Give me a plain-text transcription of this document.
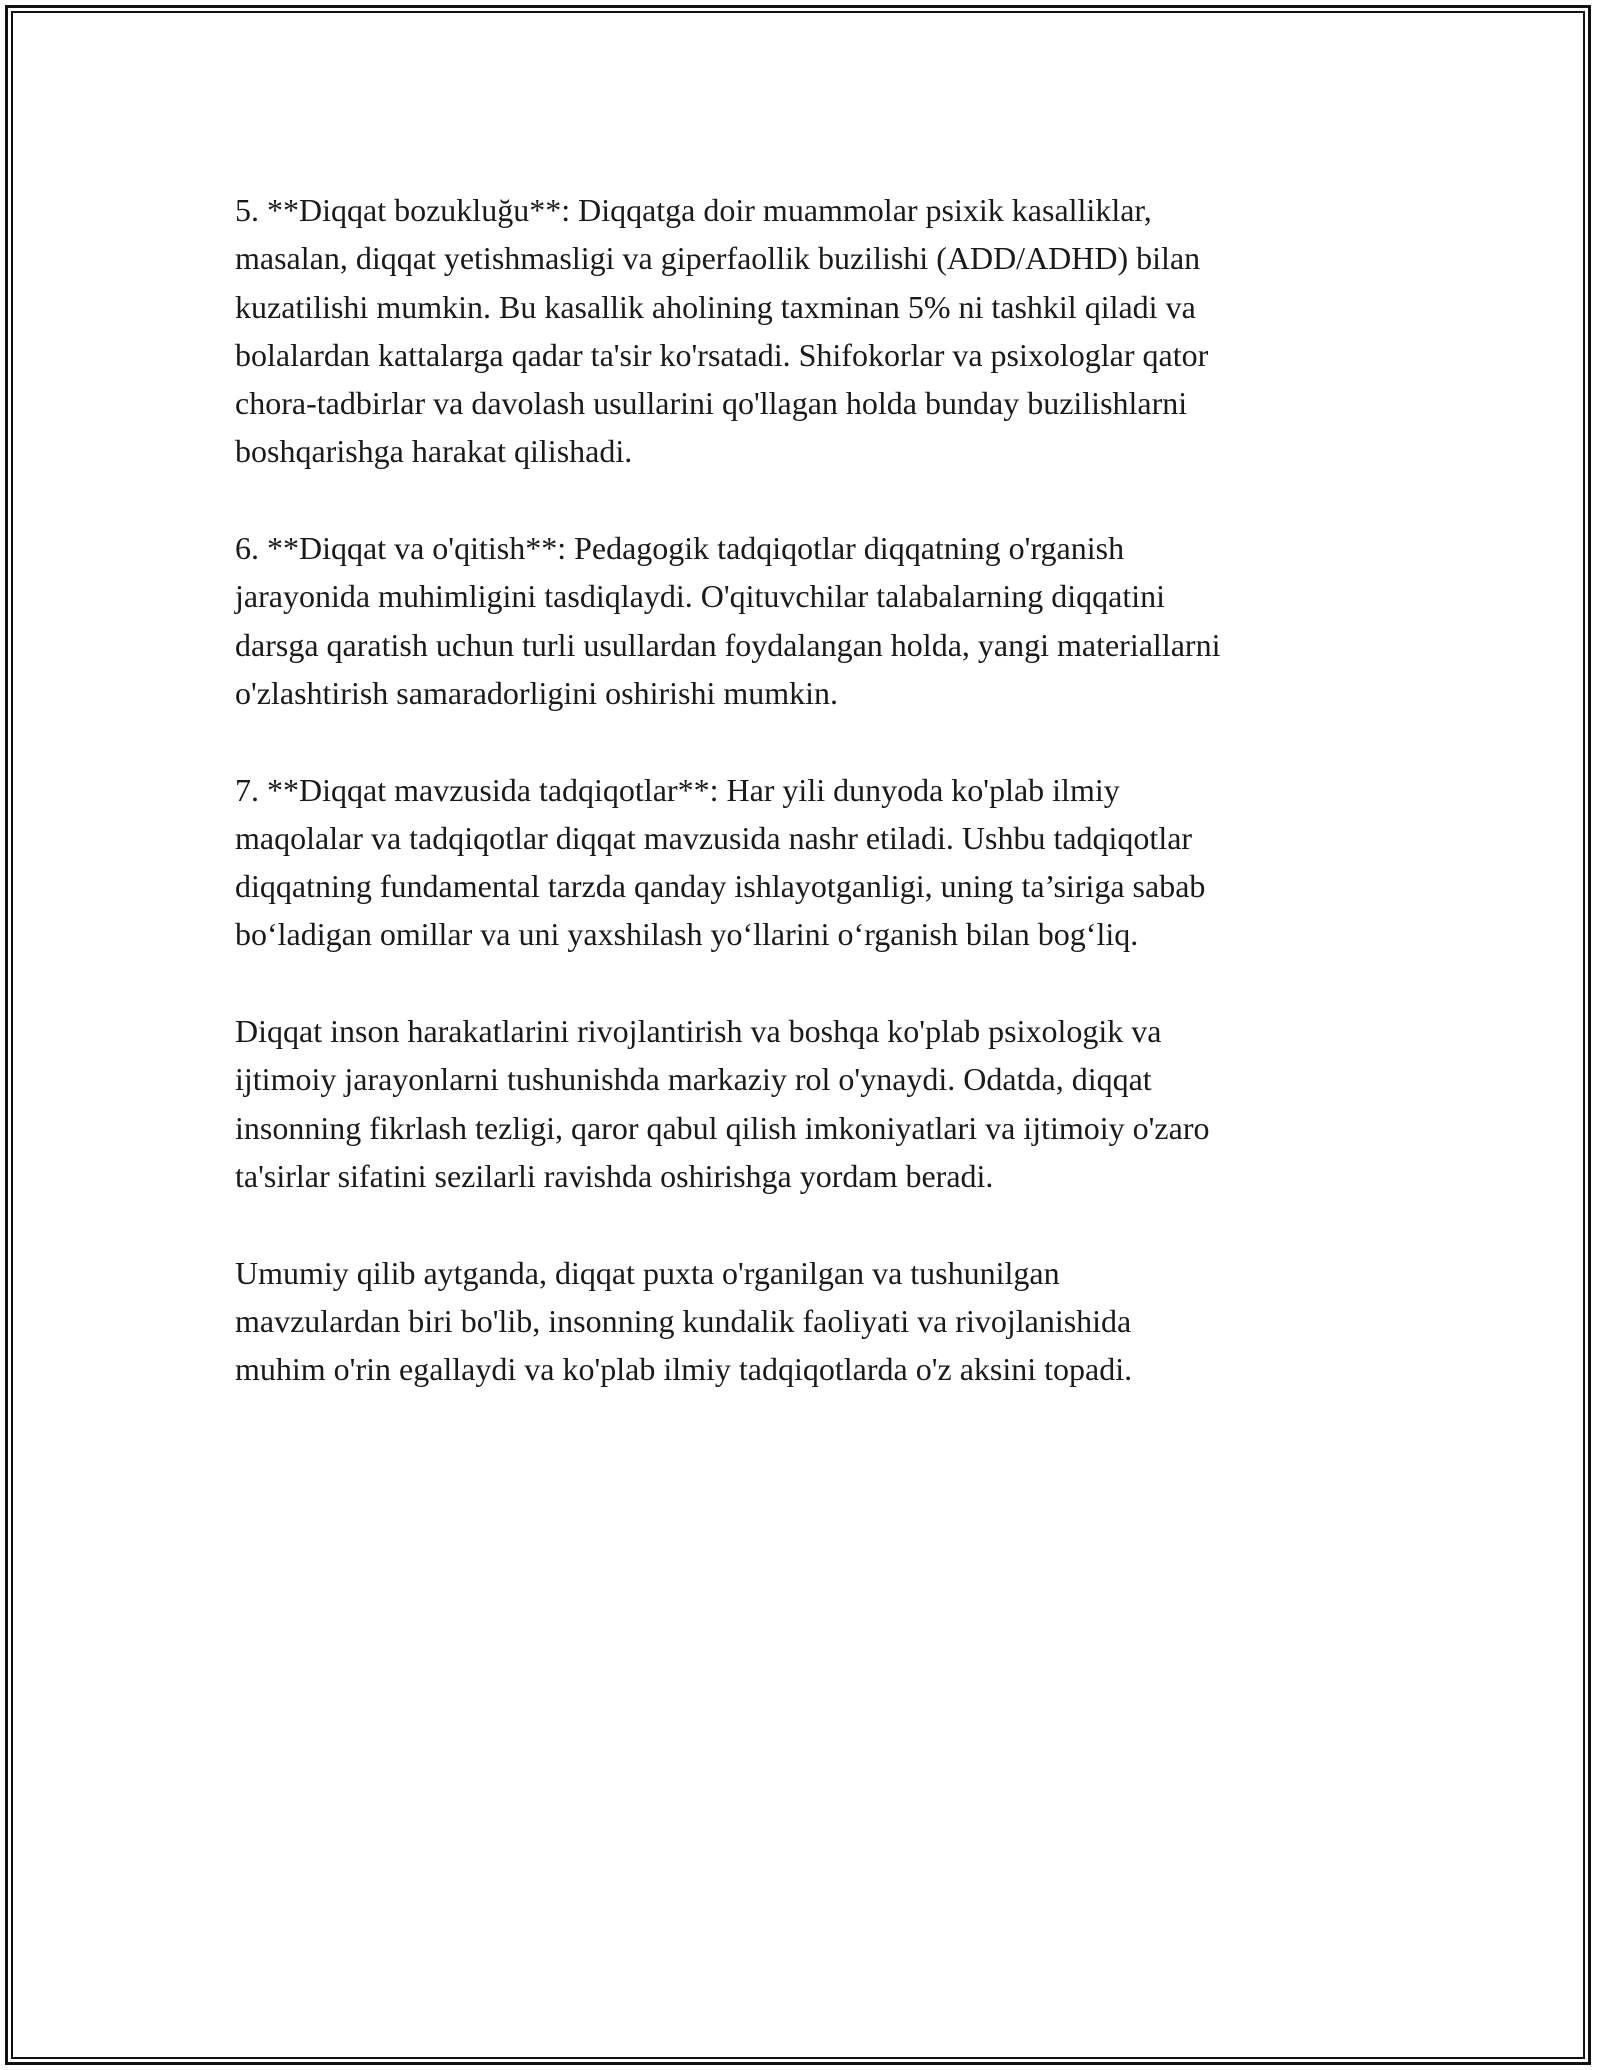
5. **Diqqat bozukluğu**: Diqqatga doir muammolar psixik kasalliklar,
masalan, diqqat yetishmasligi va giperfaollik buzilishi (ADD/ADHD) bilan
kuzatilishi mumkin. Bu kasallik aholining taxminan 5% ni tashkil qiladi va
bolalardan kattalarga qadar ta'sir ko'rsatadi. Shifokorlar va psixologlar qator
chora-tadbirlar va davolash usullarini qo'llagan holda bunday buzilishlarni
boshqarishga harakat qilishadi.

6. **Diqqat va o'qitish**: Pedagogik tadqiqotlar diqqatning o'rganish
jarayonida muhimligini tasdiqlaydi. O'qituvchilar talabalarning diqqatini
darsga qaratish uchun turli usullardan foydalangan holda, yangi materiallarni
o'zlashtirish samaradorligini oshirishi mumkin.

7. **Diqqat mavzusida tadqiqotlar**: Har yili dunyoda ko'plab ilmiy
maqolalar va tadqiqotlar diqqat mavzusida nashr etiladi. Ushbu tadqiqotlar
diqqatning fundamental tarzda qanday ishlayotganligi, uning ta’siriga sabab
bo‘ladigan omillar va uni yaxshilash yo‘llarini o‘rganish bilan bog‘liq.

Diqqat inson harakatlarini rivojlantirish va boshqa ko'plab psixologik va
ijtimoiy jarayonlarni tushunishda markaziy rol o'ynaydi. Odatda, diqqat
insonning fikrlash tezligi, qaror qabul qilish imkoniyatlari va ijtimoiy o'zaro
ta'sirlar sifatini sezilarli ravishda oshirishga yordam beradi.

Umumiy qilib aytganda, diqqat puxta o'rganilgan va tushunilgan
mavzulardan biri bo'lib, insonning kundalik faoliyati va rivojlanishida
muhim o'rin egallaydi va ko'plab ilmiy tadqiqotlarda o'z aksini topadi.
